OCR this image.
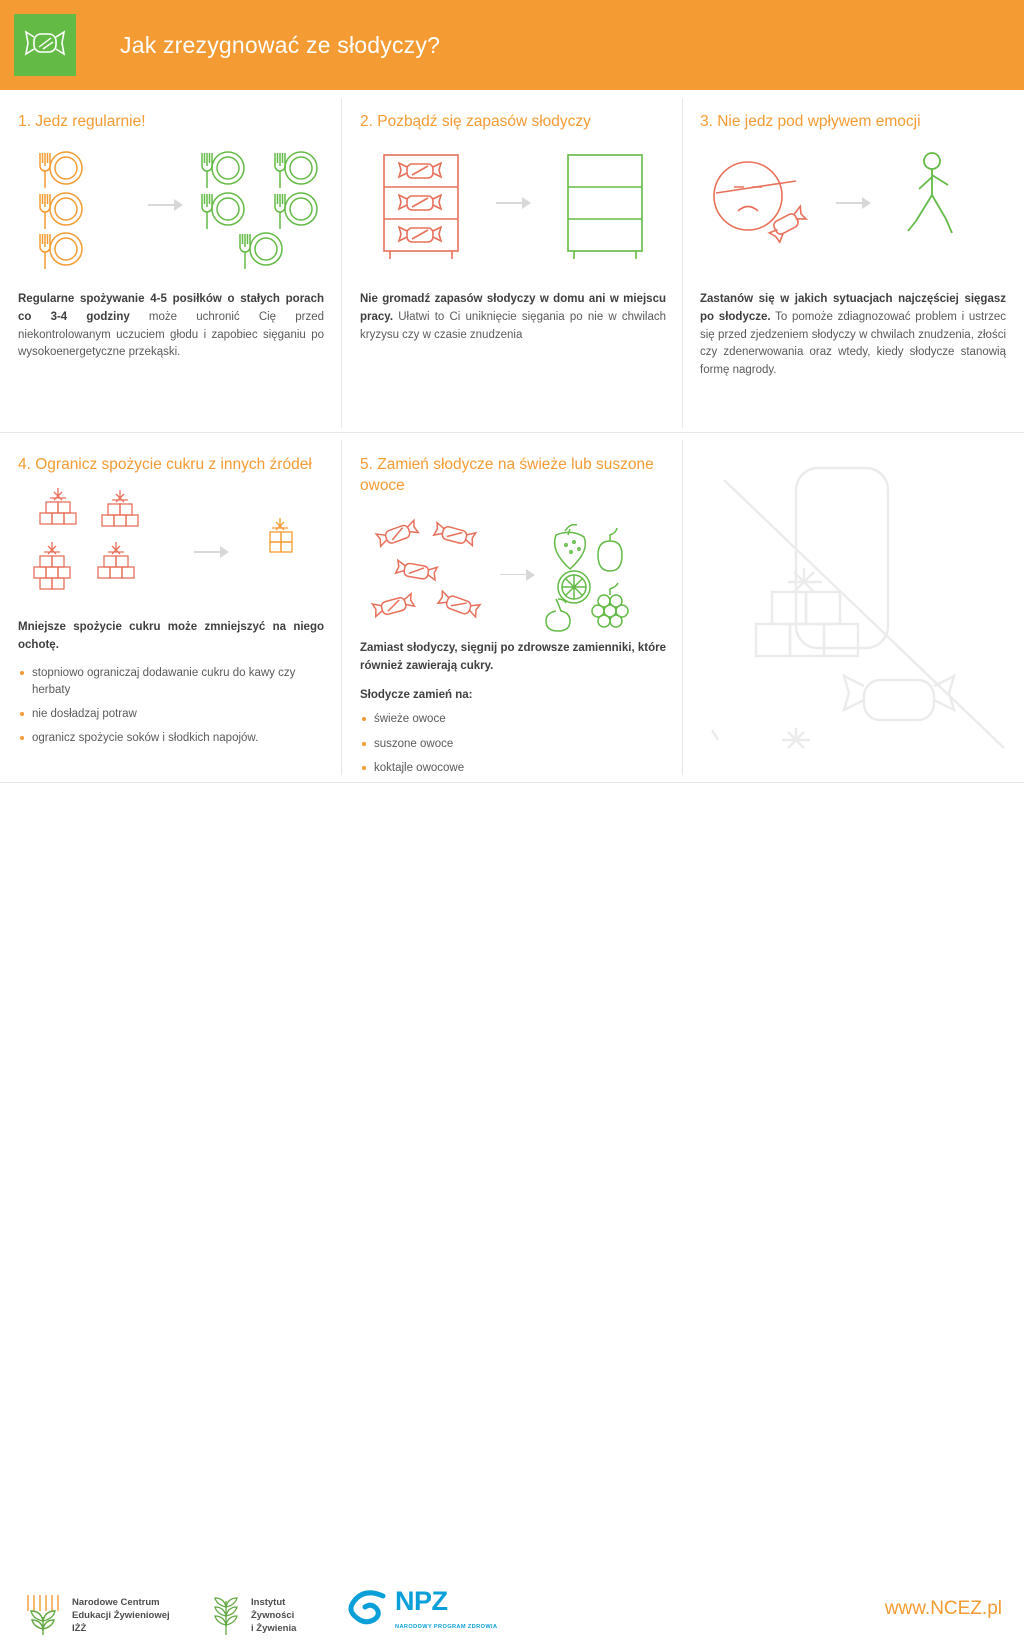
Jak zrezygnować ze słodyczy?

1. Jedz regularnie!

Regularne spożywanie 4-5 posiłków o stałych porach co 3-4 godziny może uchronić Cię przed niekontrolowanym uczuciem głodu i zapobiec sięganiu po wysokoenergetyczne przekąski.

2. Pozbądź się zapasów słodyczy

Nie gromadź zapasów słodyczy w domu ani w miejscu pracy. Ułatwi to Ci uniknięcie sięgania po nie w chwilach kryzysu czy w czasie znudzenia

3. Nie jedz pod wpływem emocji

Zastanów się w jakich sytuacjach najczęściej sięgasz po słodycze. To pomoże zdiagnozować problem i ustrzec się przed zjedzeniem słodyczy w chwilach znudzenia, złości czy zdenerwowania oraz wtedy, kiedy słodycze stanowią formę nagrody.

4. Ogranicz spożycie cukru z innych źródeł

Mniejsze spożycie cukru może zmniejszyć na niego ochotę.

stopniowo ograniczaj dodawanie cukru do kawy czy herbaty
nie dosładzaj potraw
ogranicz spożycie soków i słodkich napojów.

5. Zamień słodycze na świeże lub suszone owoce

Zamiast słodyczy, sięgnij po zdrowsze zamienniki, które również zawierają cukry.

Słodycze zamień na:

świeże owoce
suszone owoce
koktajle owocowe
Narodowe Centrum
Edukacji Żywieniowej
IŻŻ
Instytut
Żywności
i Żywienia
NPZ
NARODOWY PROGRAM ZDROWIA
www.NCEZ.pl
